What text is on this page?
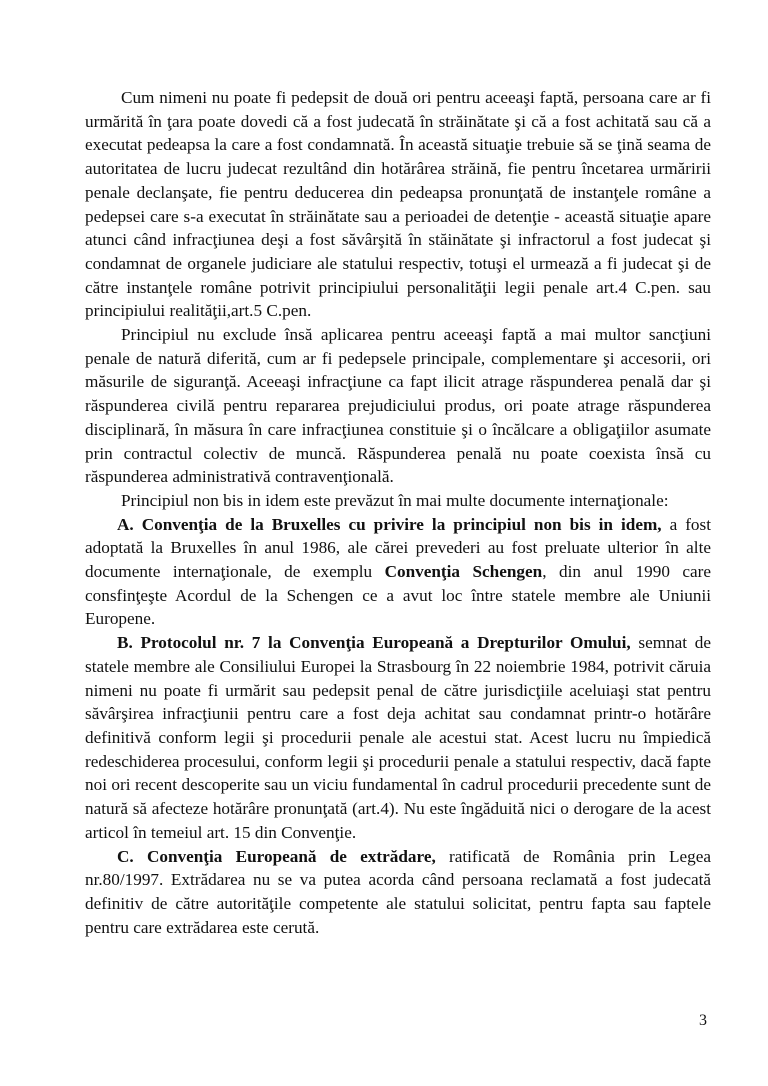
Cum nimeni nu poate fi pedepsit de două ori pentru aceeaşi faptă, persoana care ar fi urmărită în ţara poate dovedi că a fost judecată în străinătate şi că a fost achitată sau că a executat pedeapsa la care a fost condamnată. În această situaţie trebuie să se ţină seama de autoritatea de lucru judecat rezultând din hotărârea străină, fie pentru încetarea urmăririi penale declanşate, fie pentru deducerea din pedeapsa pronunţată de instanţele române a pedepsei care s-a executat în străinătate sau a perioadei de detenţie - această situaţie apare atunci când infracţiunea deşi a fost săvârşită în stăinătate şi infractorul a fost judecat şi condamnat de organele judiciare ale statului respectiv, totuşi el urmează a fi judecat şi de către instanţele române potrivit principiului personalităţii legii penale art.4 C.pen. sau principiului realităţii,art.5 C.pen.

Principiul nu exclude însă aplicarea pentru aceeaşi faptă a mai multor sancţiuni penale de natură diferită, cum ar fi pedepsele principale, complementare şi accesorii, ori măsurile de siguranţă. Aceeaşi infracţiune ca fapt ilicit atrage răspunderea penală dar şi răspunderea civilă pentru repararea prejudiciului produs, ori poate atrage răspunderea disciplinară, în măsura în care infracţiunea constituie şi o încălcare a obligaţiilor asumate prin contractul colectiv de muncă. Răspunderea penală nu poate coexista însă cu răspunderea administrativă contravenţională.

Principiul non bis in idem este prevăzut în mai multe documente internaţionale:

A. Convenţia de la Bruxelles cu privire la principiul non bis in idem, a fost adoptată la Bruxelles în anul 1986, ale cărei prevederi au fost preluate ulterior în alte documente internaţionale, de exemplu Convenţia Schengen, din anul 1990 care consfinţeşte Acordul de la Schengen ce a avut loc între statele membre ale Uniunii Europene.

B. Protocolul nr. 7 la Convenţia Europeană a Drepturilor Omului, semnat de statele membre ale Consiliului Europei la Strasbourg în 22 noiembrie 1984, potrivit căruia nimeni nu poate fi urmărit sau pedepsit penal de către jurisdicţiile aceluiaşi stat pentru săvârşirea infracţiunii pentru care a fost deja achitat sau condamnat printr-o hotărâre definitivă conform legii şi procedurii penale ale acestui stat. Acest lucru nu împiedică redeschiderea procesului, conform legii şi procedurii penale a statului respectiv, dacă fapte noi ori recent descoperite sau un viciu fundamental în cadrul procedurii precedente sunt de natură să afecteze hotărâre pronunţată (art.4). Nu este îngăduită nici o derogare de la acest articol în temeiul art. 15 din Convenţie.

C. Convenţia Europeană de extrădare, ratificată de România prin Legea nr.80/1997. Extrădarea nu se va putea acorda când persoana reclamată a fost judecată definitiv de către autorităţile competente ale statului solicitat, pentru fapta sau faptele pentru care extrădarea este cerută.

3
